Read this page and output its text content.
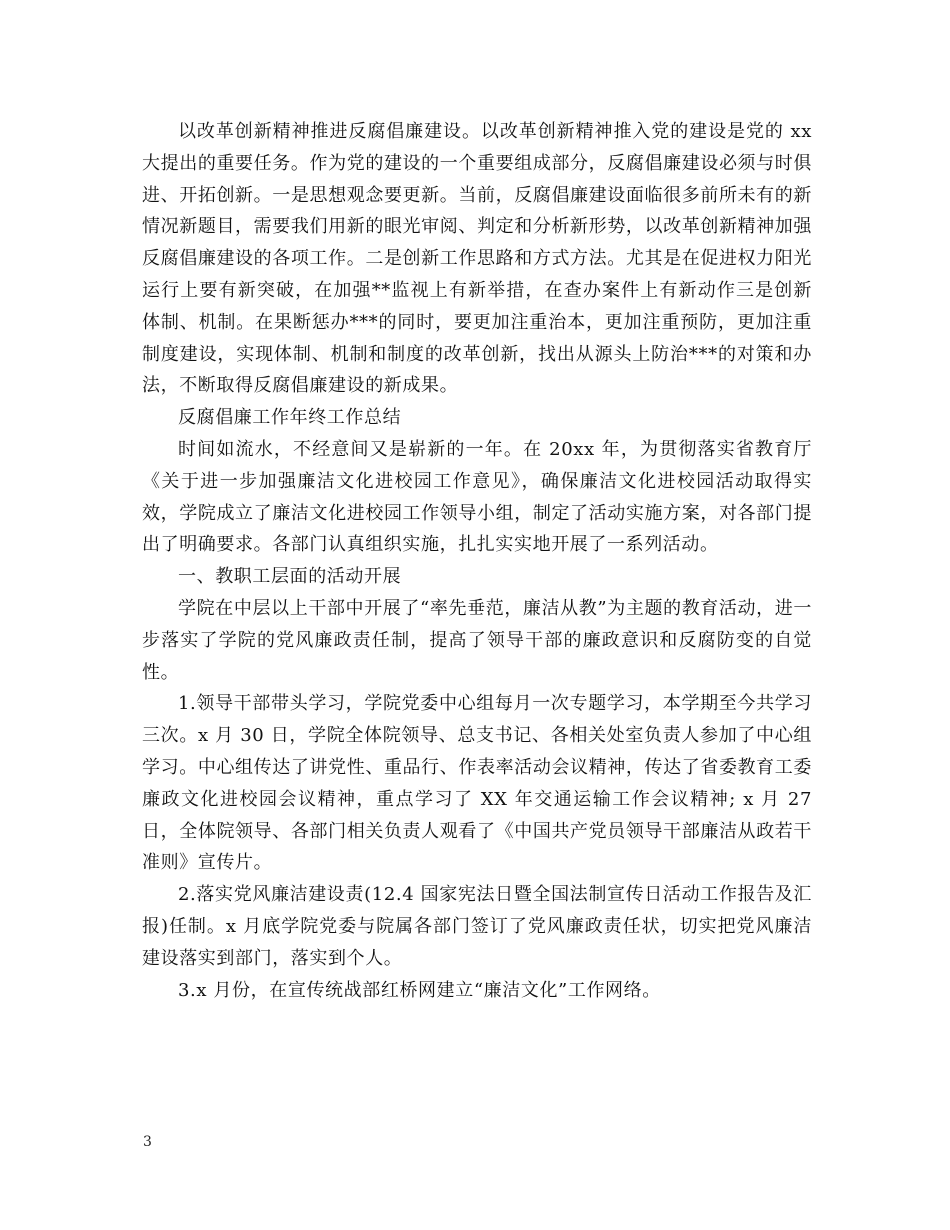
以改革创新精神推进反腐倡廉建设。以改革创新精神推入党的建设是党的 xx 大提出的重要任务。作为党的建设的一个重要组成部分，反腐倡廉建设必须与时俱进、开拓创新。一是思想观念要更新。当前，反腐倡廉建设面临很多前所未有的新情况新题目，需要我们用新的眼光审阅、判定和分析新形势，以改革创新精神加强反腐倡廉建设的各项工作。二是创新工作思路和方式方法。尤其是在促进权力阳光运行上要有新突破，在加强**监视上有新举措，在查办案件上有新动作三是创新体制、机制。在果断惩办***的同时，要更加注重治本，更加注重预防，更加注重制度建设，实现体制、机制和制度的改革创新，找出从源头上防治***的对策和办法，不断取得反腐倡廉建设的新成果。

反腐倡廉工作年终工作总结

时间如流水，不经意间又是崭新的一年。在 20xx 年，为贯彻落实省教育厅《关于进一步加强廉洁文化进校园工作意见》，确保廉洁文化进校园活动取得实效，学院成立了廉洁文化进校园工作领导小组，制定了活动实施方案，对各部门提出了明确要求。各部门认真组织实施，扎扎实实地开展了一系列活动。

一、教职工层面的活动开展

学院在中层以上干部中开展了“率先垂范，廉洁从教”为主题的教育活动，进一步落实了学院的党风廉政责任制，提高了领导干部的廉政意识和反腐防变的自觉性。

1.领导干部带头学习，学院党委中心组每月一次专题学习，本学期至今共学习三次。x 月 30 日，学院全体院领导、总支书记、各相关处室负责人参加了中心组学习。中心组传达了讲党性、重品行、作表率活动会议精神，传达了省委教育工委廉政文化进校园会议精神，重点学习了 XX 年交通运输工作会议精神; x 月 27 日，全体院领导、各部门相关负责人观看了《中国共产党员领导干部廉洁从政若干准则》宣传片。

2.落实党风廉洁建设责(12.4 国家宪法日暨全国法制宣传日活动工作报告及汇报)任制。x 月底学院党委与院属各部门签订了党风廉政责任状，切实把党风廉洁建设落实到部门，落实到个人。

3.x 月份，在宣传统战部红桥网建立“廉洁文化”工作网络。

3
